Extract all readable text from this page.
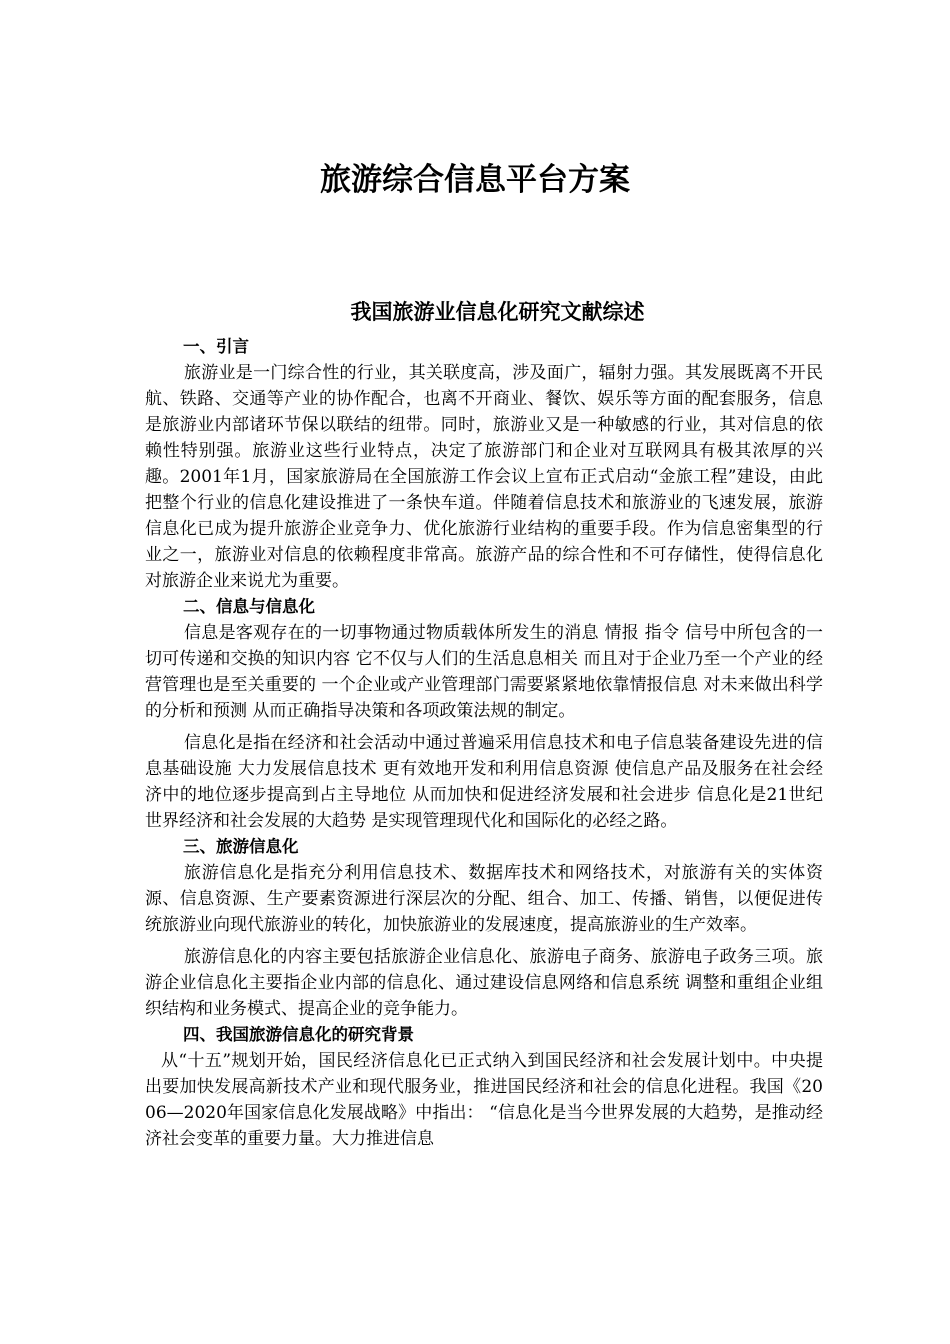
旅游综合信息平台方案
我国旅游业信息化研究文献综述
一、引言

旅游业是一门综合性的行业，其关联度高，涉及面广，辐射力强。其发展既离不开民航、铁路、交通等产业的协作配合，也离不开商业、餐饮、娱乐等方面的配套服务，信息是旅游业内部诸环节保以联结的纽带。同时，旅游业又是一种敏感的行业，其对信息的依赖性特别强。旅游业这些行业特点，决定了旅游部门和企业对互联网具有极其浓厚的兴趣。2001年1月，国家旅游局在全国旅游工作会议上宣布正式启动“金旅工程”建设，由此把整个行业的信息化建设推进了一条快车道。伴随着信息技术和旅游业的飞速发展，旅游信息化已成为提升旅游企业竞争力、优化旅游行业结构的重要手段。作为信息密集型的行业之一，旅游业对信息的依赖程度非常高。旅游产品的综合性和不可存储性，使得信息化对旅游企业来说尤为重要。

二、信息与信息化

信息是客观存在的一切事物通过物质载体所发生的消息 情报 指令 信号中所包含的一切可传递和交换的知识内容 它不仅与人们的生活息息相关 而且对于企业乃至一个产业的经营管理也是至关重要的 一个企业或产业管理部门需要紧紧地依靠情报信息 对未来做出科学的分析和预测 从而正确指导决策和各项政策法规的制定。

信息化是指在经济和社会活动中通过普遍采用信息技术和电子信息装备建设先进的信息基础设施 大力发展信息技术 更有效地开发和利用信息资源 使信息产品及服务在社会经济中的地位逐步提高到占主导地位 从而加快和促进经济发展和社会进步 信息化是21世纪世界经济和社会发展的大趋势 是实现管理现代化和国际化的必经之路。

三、旅游信息化

旅游信息化是指充分利用信息技术、数据库技术和网络技术，对旅游有关的实体资源、信息资源、生产要素资源进行深层次的分配、组合、加工、传播、销售，以便促进传统旅游业向现代旅游业的转化，加快旅游业的发展速度，提高旅游业的生产效率。

旅游信息化的内容主要包括旅游企业信息化、旅游电子商务、旅游电子政务三项。旅游企业信息化主要指企业内部的信息化、通过建设信息网络和信息系统 调整和重组企业组织结构和业务模式、提高企业的竞争能力。

四、我国旅游信息化的研究背景

从“十五”规划开始，国民经济信息化已正式纳入到国民经济和社会发展计划中。中央提出要加快发展高新技术产业和现代服务业，推进国民经济和社会的信息化进程。我国《2006—2020年国家信息化发展战略》中指出： “信息化是当今世界发展的大趋势，是推动经济社会变革的重要力量。大力推进信息
